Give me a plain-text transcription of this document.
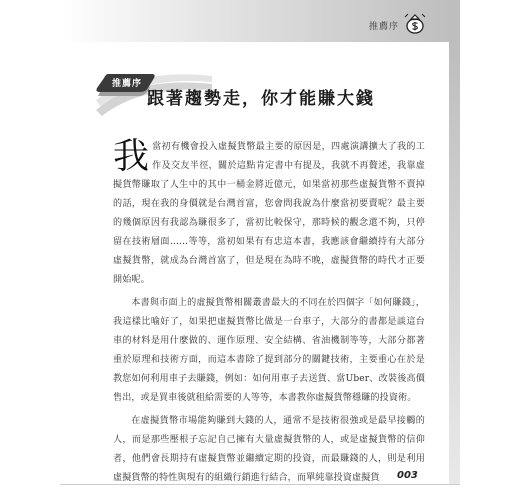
推薦序
推薦序
跟著趨勢走，你才能賺大錢

我當初有機會投入虛擬貨幣最主要的原因是，四處演講擴大了我的工作及交友半徑，關於這點肯定書中有提及，我就不再贅述，我靠虛擬貨幣賺取了人生中的其中一桶金將近億元，如果當初那些虛擬貨幣不賣掉的話，現在我的身價就是台灣首富，您會問我說為什麼當初要賣呢？最主要的幾個原因有我認為賺很多了，當初比較保守，那時候的觀念還不夠，只停留在技術層面……等等，當初如果有有忠這本書，我應該會繼續持有大部分虛擬貨幣，就成為台灣首富了，但是現在為時不晚，虛擬貨幣的時代才正要開始呢。

本書與市面上的虛擬貨幣相關叢書最大的不同在於四個字「如何賺錢」，我這樣比喻好了，如果把虛擬貨幣比做是一台車子，大部分的書都是談這台車的材料是用什麼做的、運作原理、安全結構、省油機制等等，大部分都著重於原理和技術方面，而這本書除了提到部分的關鍵技術，主要重心在於是教您如何利用車子去賺錢，例如：如何用車子去送貨、當Uber、改裝後高價售出，或是買車後就租給需要的人等等，本書教你虛擬貨幣穩賺的投資術。

在虛擬貨幣市場能夠賺到大錢的人，通常不是技術很強或是最早接觸的人，而是那些壓根子忘記自己擁有大量虛擬貨幣的人，或是虛擬貨幣的信仰者，他們會長期持有虛擬貨幣並繼續定期的投資，而最賺錢的人，則是利用虛擬貨幣的特性與現有的組織行銷進行結合，而單純靠投資虛擬貨	003
